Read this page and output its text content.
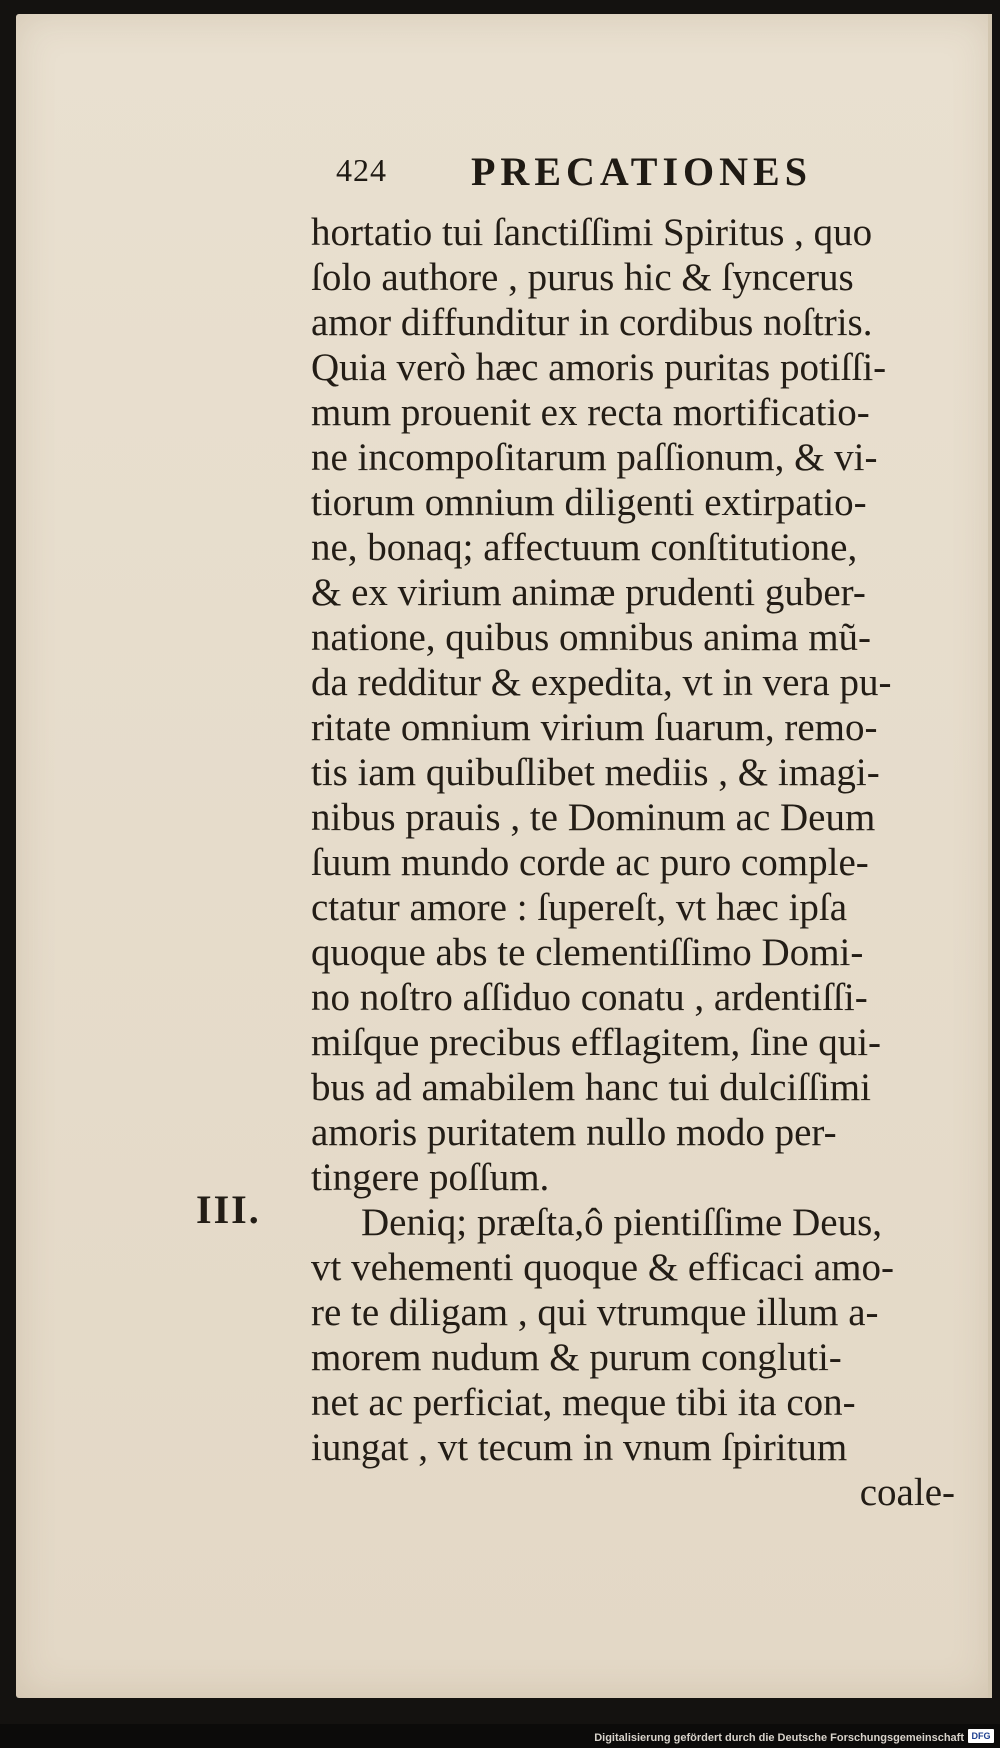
424 PRECATIONES
III.
hortatio tui ſanctiſſimi Spiritus , quo
ſolo authore , purus hic & ſyncerus
amor diffunditur in cordibus noſtris.
Quia verò hæc amoris puritas potiſſi-
mum prouenit ex recta mortificatio-
ne incompoſitarum paſſionum, & vi-
tiorum omnium diligenti extirpatio-
ne, bonaq; affectuum conſtitutione,
& ex virium animæ prudenti guber-
natione, quibus omnibus anima mũ-
da redditur & expedita, vt in vera pu-
ritate omnium virium ſuarum, remo-
tis iam quibuſlibet mediis , & imagi-
nibus prauis , te Dominum ac Deum
ſuum mundo corde ac puro comple-
ctatur amore : ſupereſt, vt hæc ipſa
quoque abs te clementiſſimo Domi-
no noſtro aſſiduo conatu , ardentiſſi-
miſque precibus efflagitem, ſine qui-
bus ad amabilem hanc tui dulciſſimi
amoris puritatem nullo modo per-
tingere poſſum.
Deniq; præſta,ô pientiſſime Deus,
vt vehementi quoque & efficaci amo-
re te diligam , qui vtrumque illum a-
morem nudum & purum congluti-
net ac perficiat, meque tibi ita con-
iungat , vt tecum in vnum ſpiritum
coale-
Digitalisierung gefördert durch die Deutsche Forschungsgemeinschaft DFG
